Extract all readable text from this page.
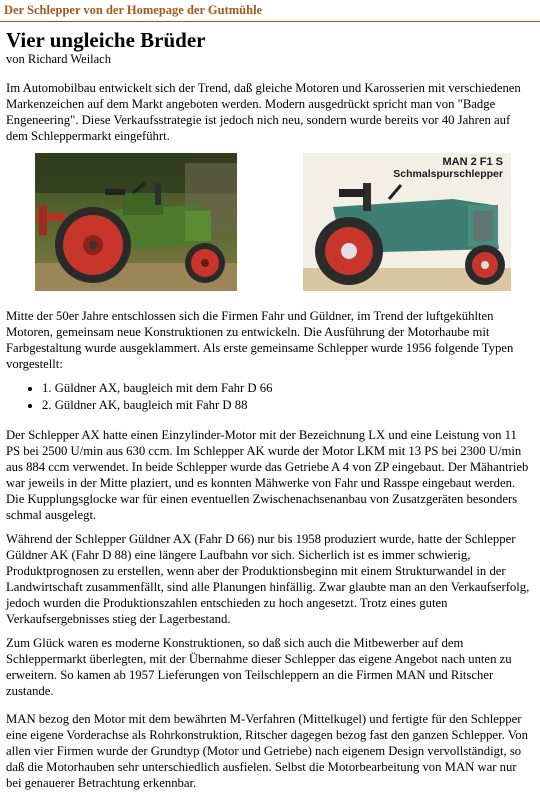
Der Schlepper von der Homepage der Gutmühle
Vier ungleiche Brüder
von Richard Weilach

Im Automobilbau entwickelt sich der Trend, daß gleiche Motoren und Karosserien mit verschiedenen Markenzeichen auf dem Markt angeboten werden. Modern ausgedrückt spricht man von "Badge Engeneering". Diese Verkaufsstrategie ist jedoch nich neu, sondern wurde bereits vor 40 Jahren auf dem Schleppermarkt eingeführt.

MAN 2 F1 S
Schmalspurschlepper

Mitte der 50er Jahre entschlossen sich die Firmen Fahr und Güldner, im Trend der luftgekühlten Motoren, gemeinsam neue Konstruktionen zu entwickeln. Die Ausführung der Motorhaube mit Farbgestaltung wurde ausgeklammert. Als erste gemeinsame Schlepper wurde 1956 folgende Typen vorgestellt:

• 1. Güldner AX, baugleich mit dem Fahr D 66
• 2. Güldner AK, baugleich mit Fahr D 88

Der Schlepper AX hatte einen Einzylinder-Motor mit der Bezeichnung LX und eine Leistung von 11 PS bei 2500 U/min aus 630 ccm. Im Schlepper AK wurde der Motor LKM mit 13 PS bei 2300 U/min aus 884 ccm verwendet. In beide Schlepper wurde das Getriebe A 4 von ZP eingebaut. Der Mähantrieb war jeweils in der Mitte plaziert, und es konnten Mähwerke von Fahr und Rasspe eingebaut werden. Die Kupplungsglocke war für einen eventuellen Zwischenachsenanbau von Zusatzgeräten besonders schmal ausgelegt.

Während der Schlepper Güldner AX (Fahr D 66) nur bis 1958 produziert wurde, hatte der Schlepper Güldner AK (Fahr D 88) eine längere Laufbahn vor sich. Sicherlich ist es immer schwierig, Produktprognosen zu erstellen, wenn aber der Produktionsbeginn mit einem Strukturwandel in der Landwirtschaft zusammenfällt, sind alle Planungen hinfällig. Zwar glaubte man an den Verkaufserfolg, jedoch wurden die Produktionszahlen entschieden zu hoch angesetzt. Trotz eines guten Verkaufsergebnisses stieg der Lagerbestand.

Zum Glück waren es moderne Konstruktionen, so daß sich auch die Mitbewerber auf dem Schleppermarkt überlegten, mit der Übernahme dieser Schlepper das eigene Angebot nach unten zu erweitern. So kamen ab 1957 Lieferungen von Teilschleppern an die Firmen MAN und Ritscher zustande.

MAN bezog den Motor mit dem bewährten M-Verfahren (Mittelkugel) und fertigte für den Schlepper eine eigene Vorderachse als Rohrkonstruktion, Ritscher dagegen bezog fast den ganzen Schlepper. Von allen vier Firmen wurde der Grundtyp (Motor und Getriebe) nach eigenem Design vervollständigt, so daß die Motorhauben sehr unterschiedlich ausfielen. Selbst die Motorbearbeitung von MAN war nur bei genauerer Betrachtung erkennbar.
